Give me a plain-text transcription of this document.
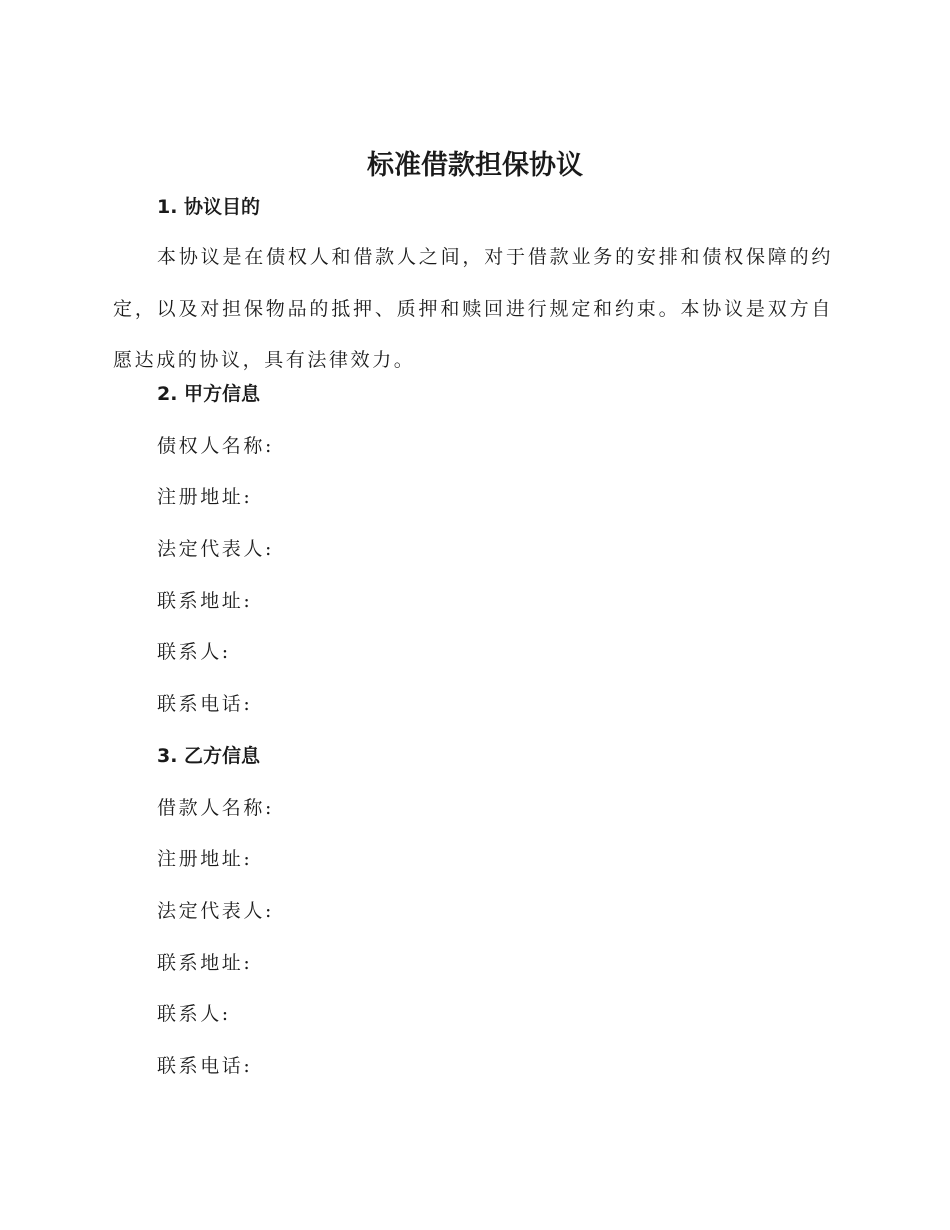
标准借款担保协议
1. 协议目的

本协议是在债权人和借款人之间，对于借款业务的安排和债权保障的约定，以及对担保物品的抵押、质押和赎回进行规定和约束。本协议是双方自愿达成的协议，具有法律效力。

2. 甲方信息

债权人名称:

注册地址:

法定代表人:

联系地址:

联系人:

联系电话:

3. 乙方信息

借款人名称:

注册地址:

法定代表人:

联系地址:

联系人:

联系电话:
